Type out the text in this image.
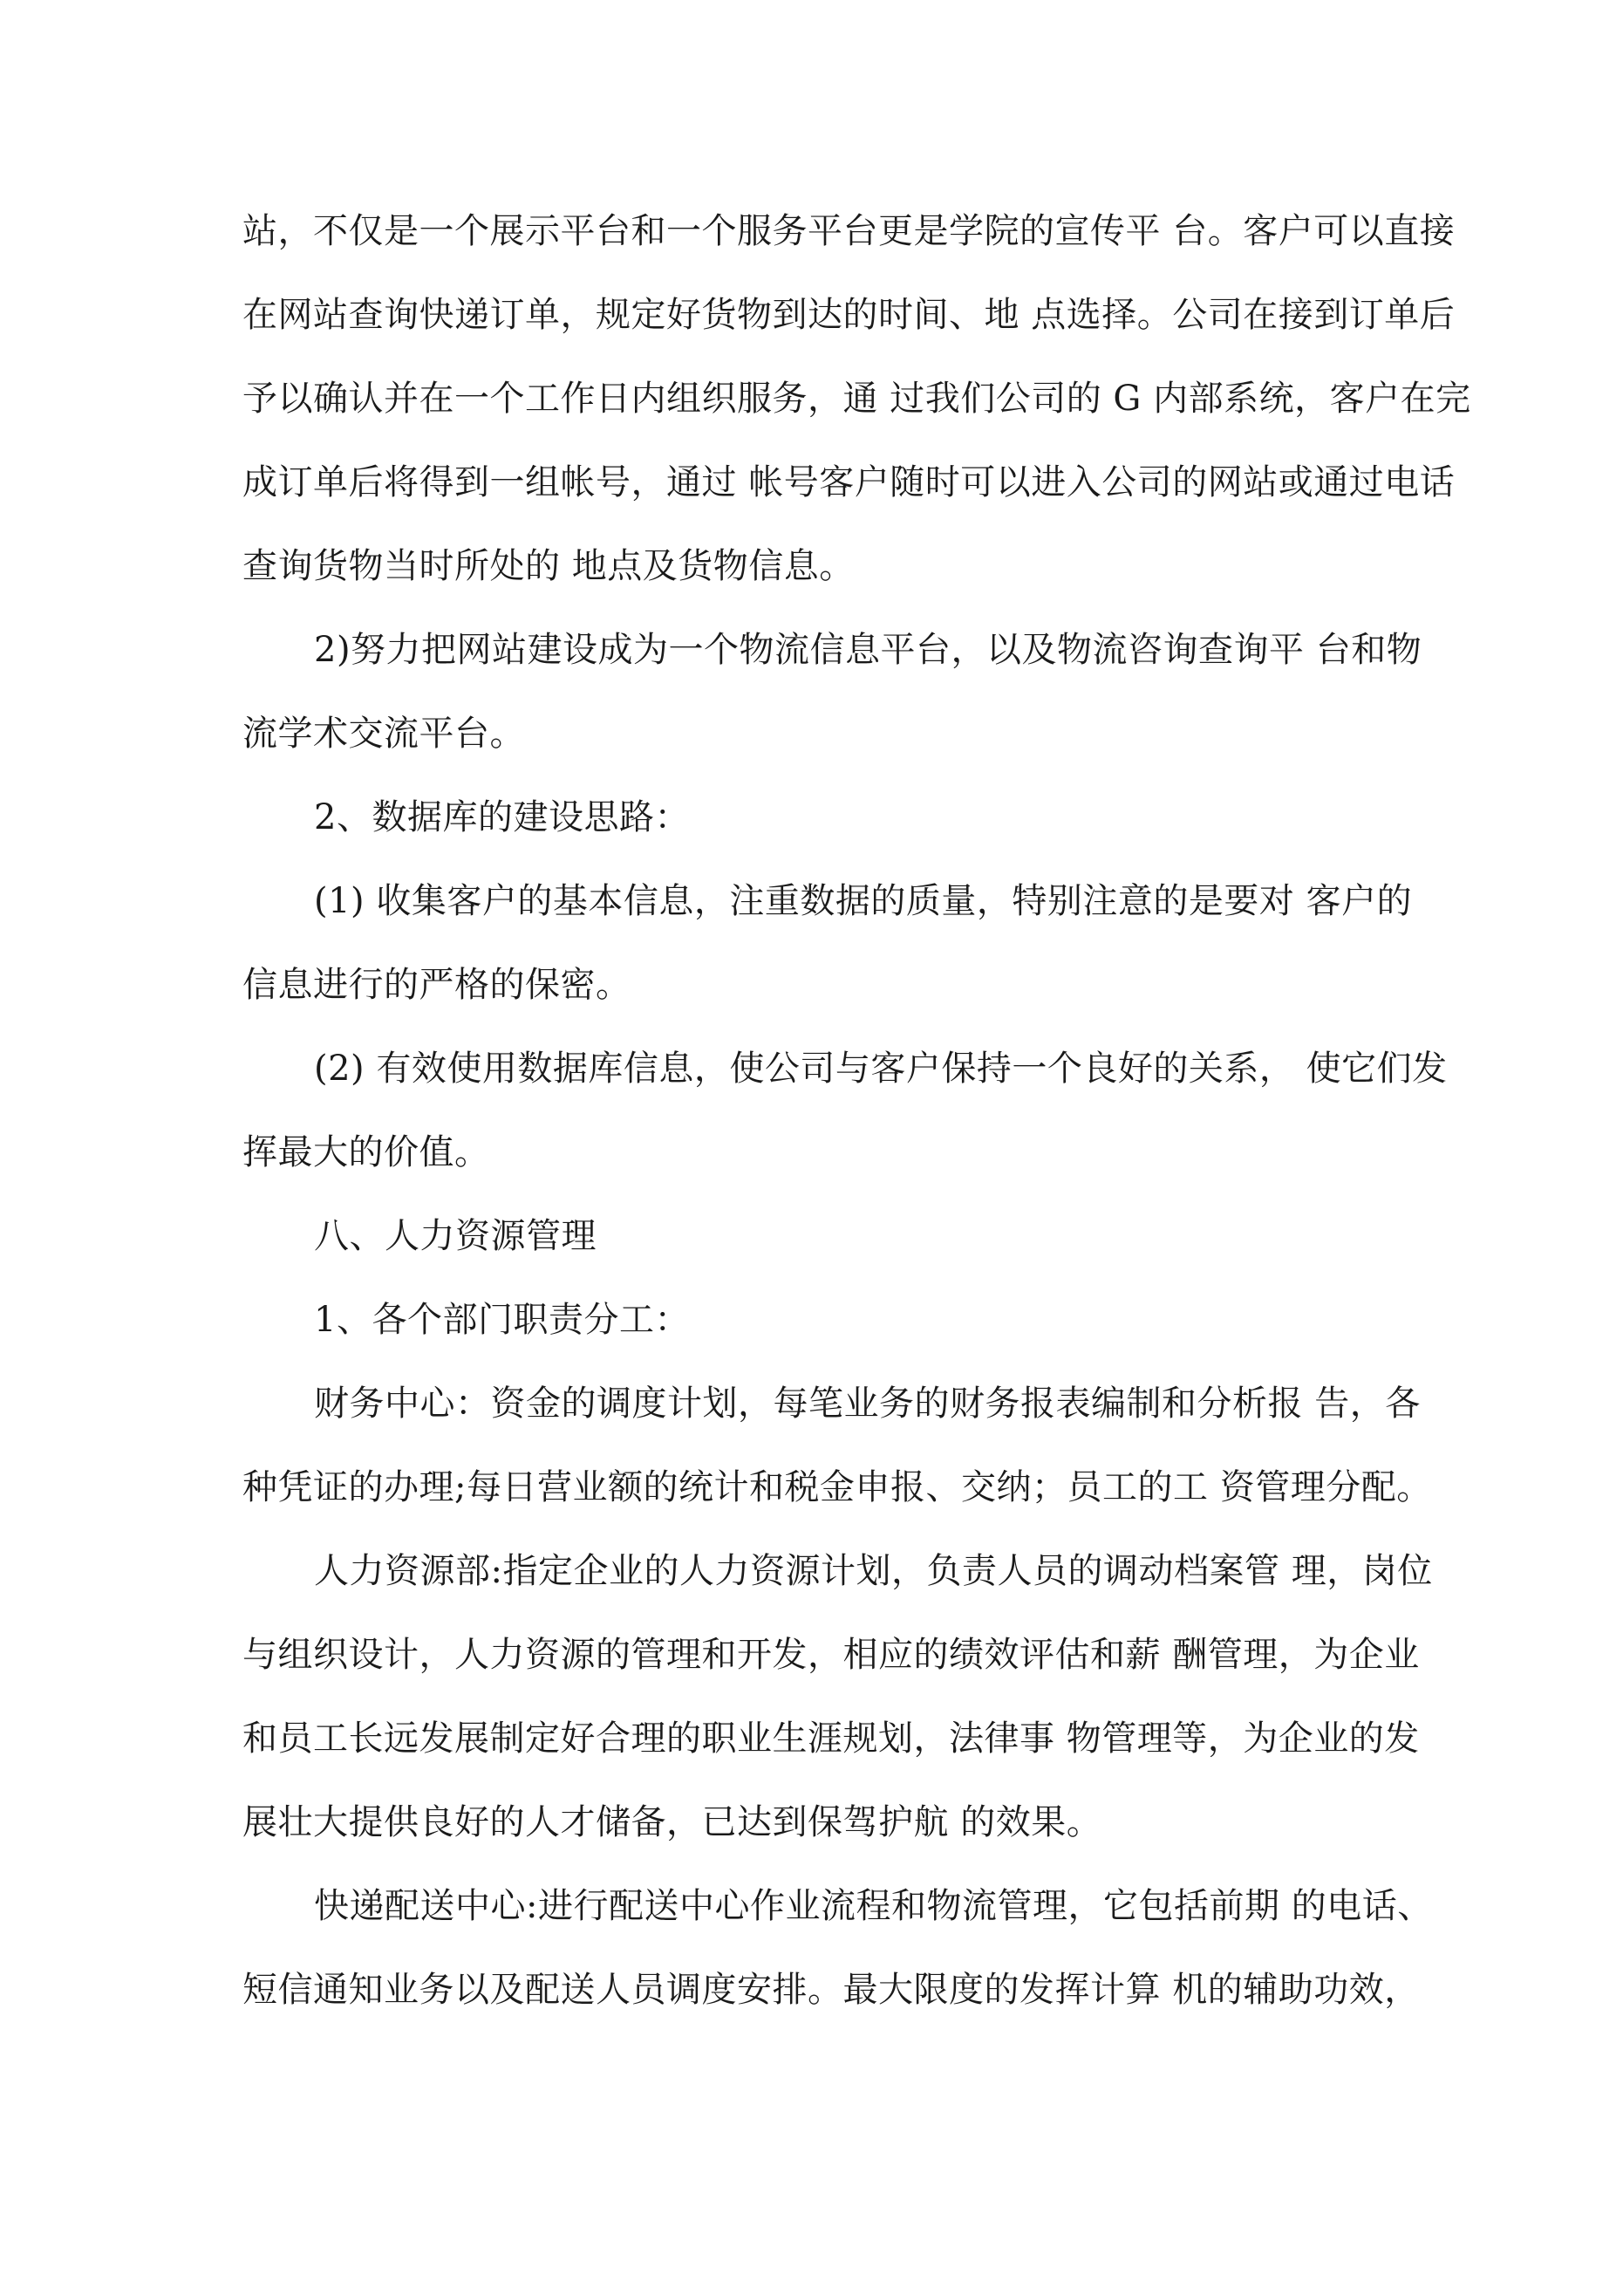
站，不仅是一个展示平台和一个服务平台更是学院的宣传平 台。客户可以直接
在网站查询快递订单，规定好货物到达的时间、地 点选择。公司在接到订单后
予以确认并在一个工作日内组织服务，通 过我们公司的 G 内部系统，客户在完
成订单后将得到一组帐号，通过 帐号客户随时可以进入公司的网站或通过电话
查询货物当时所处的 地点及货物信息。
2)努力把网站建设成为一个物流信息平台，以及物流咨询查询平 台和物
流学术交流平台。
2、数据库的建设思路：
(1) 收集客户的基本信息，注重数据的质量，特别注意的是要对 客户的
信息进行的严格的保密。
(2) 有效使用数据库信息，使公司与客户保持一个良好的关系， 使它们发
挥最大的价值。
八、人力资源管理
1、各个部门职责分工：
财务中心：资金的调度计划，每笔业务的财务报表编制和分析报 告，各
种凭证的办理;每日营业额的统计和税金申报、交纳；员工的工 资管理分配。
人力资源部:指定企业的人力资源计划，负责人员的调动档案管 理，岗位
与组织设计，人力资源的管理和开发，相应的绩效评估和薪 酬管理，为企业
和员工长远发展制定好合理的职业生涯规划，法律事 物管理等，为企业的发
展壮大提供良好的人才储备，已达到保驾护航 的效果。
快递配送中心:进行配送中心作业流程和物流管理，它包括前期 的电话、
短信通知业务以及配送人员调度安排。最大限度的发挥计算 机的辅助功效，
